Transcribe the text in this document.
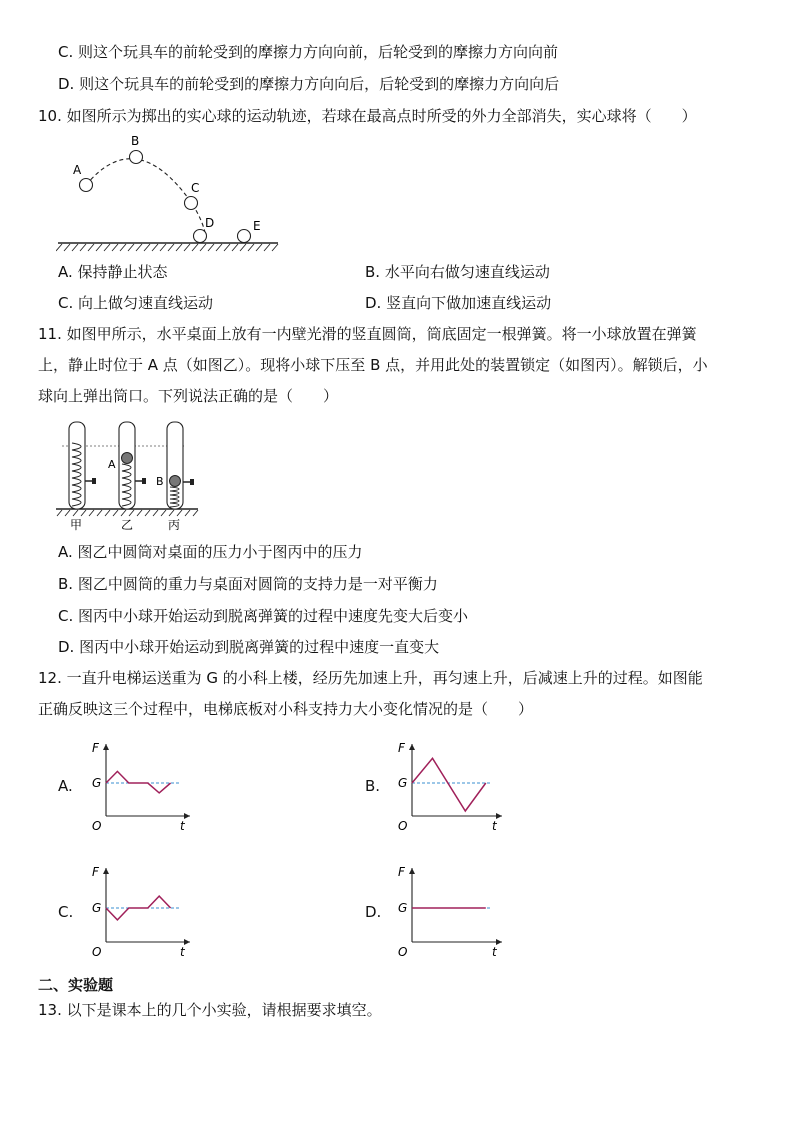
C. 则这个玩具车的前轮受到的摩擦力方向向前，后轮受到的摩擦力方向向前
D. 则这个玩具车的前轮受到的摩擦力方向向后，后轮受到的摩擦力方向向后
10. 如图所示为掷出的实心球的运动轨迹，若球在最高点时所受的外力全部消失，实心球将（　　）
A
B
C
D	E
A. 保持静止状态	B. 水平向右做匀速直线运动
C. 向上做匀速直线运动	D. 竖直向下做加速直线运动
11. 如图甲所示，水平桌面上放有一内壁光滑的竖直圆筒，筒底固定一根弹簧。将一小球放置在弹簧
上，静止时位于 A 点（如图乙）。现将小球下压至 B 点，并用此处的装置锁定（如图丙）。解锁后，小
球向上弹出筒口。下列说法正确的是（　　）
A
B
甲	乙	丙
A. 图乙中圆筒对桌面的压力小于图丙中的压力
B. 图乙中圆筒的重力与桌面对圆筒的支持力是一对平衡力
C. 图丙中小球开始运动到脱离弹簧的过程中速度先变大后变小
D. 图丙中小球开始运动到脱离弹簧的过程中速度一直变大
12. 一直升电梯运送重为 G 的小科上楼，经历先加速上升，再匀速上升，后减速上升的过程。如图能
正确反映这三个过程中，电梯底板对小科支持力大小变化情况的是（　　）
A.	B.
C.	D.
F
G
O	t
F
G
O	t
F
G
O	t
F
G
O	t
二、实验题
13. 以下是课本上的几个小实验，请根据要求填空。
